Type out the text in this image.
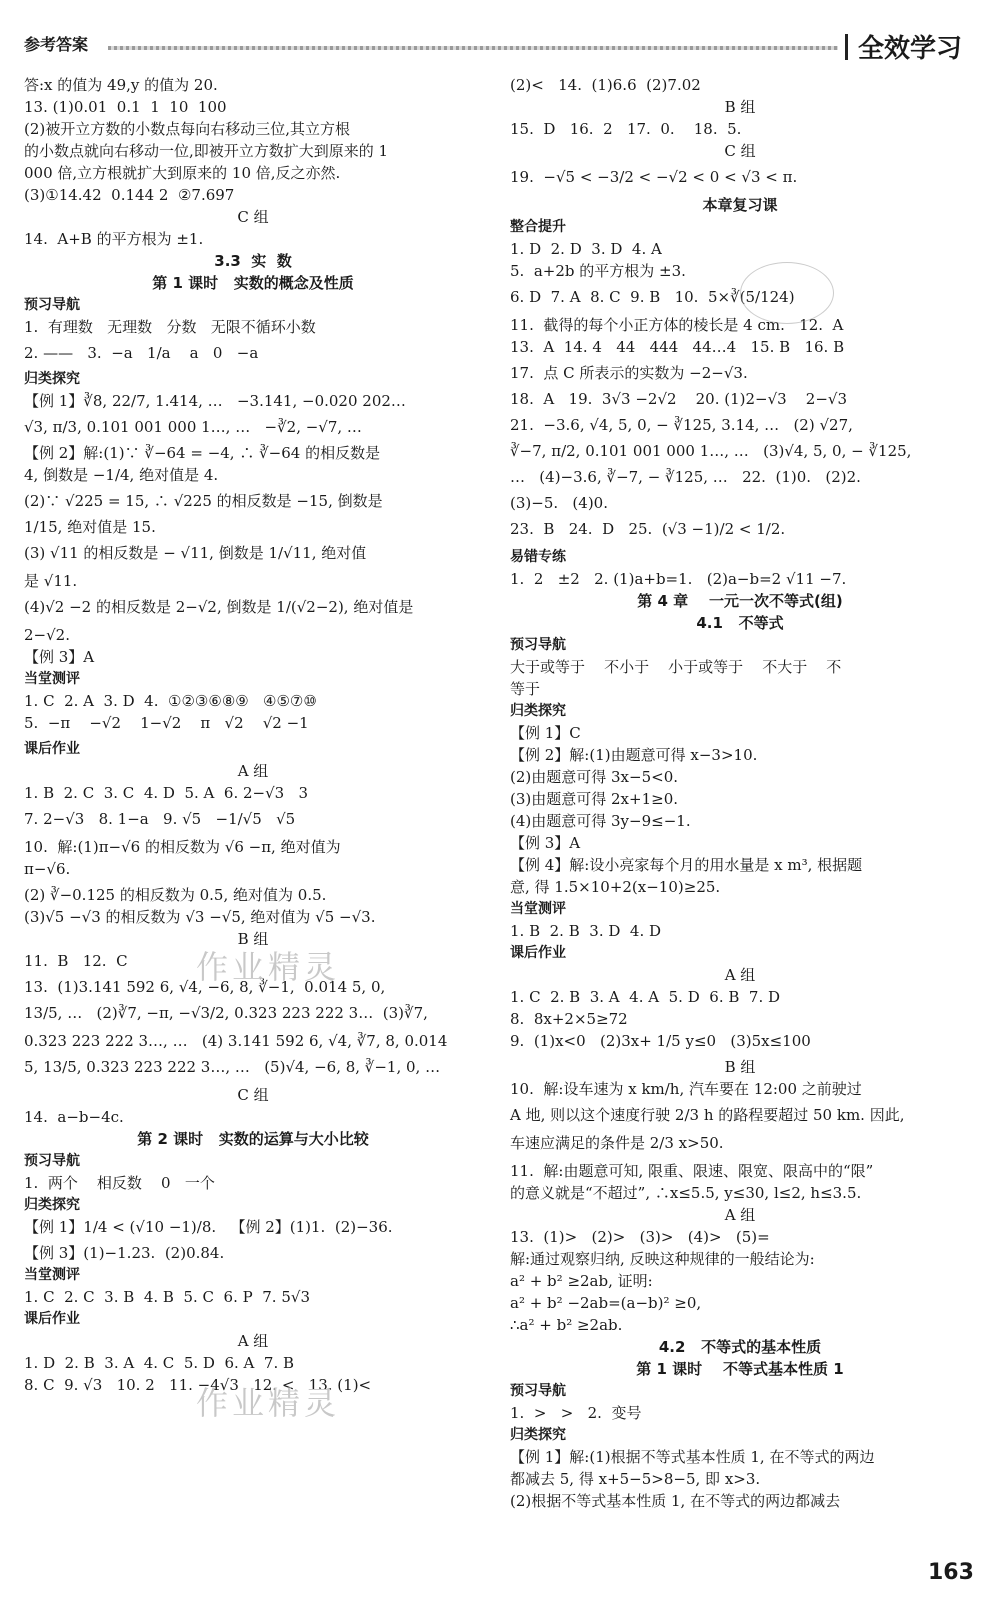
参考答案	全效学习
答:x 的值为 49,y 的值为 20.
13. (1)0.01  0.1  1  10  100
(2)被开立方数的小数点每向右移动三位,其立方根
的小数点就向右移动一位,即被开立方数扩大到原来的 1
000 倍,立方根就扩大到原来的 10 倍,反之亦然.
(3)①14.42  0.144 2  ②7.697
C 组
14.  A+B 的平方根为 ±1.
3.3  实  数
第 1 课时   实数的概念及性质
预习导航
1.  有理数   无理数   分数   无限不循环小数
2. ——   3.  −a   1/a    a   0   −a
归类探究
【例 1】∛8, 22/7, 1.414, …   −3.141, −0.020 202…
√3, π/3, 0.101 001 000 1…, …   −∛2, −√7, …
【例 2】解:(1)∵ ∛−64 = −4, ∴ ∛−64 的相反数是
4, 倒数是 −1/4, 绝对值是 4.
(2)∵ √225 = 15, ∴ √225 的相反数是 −15, 倒数是
1/15, 绝对值是 15.
(3) √11 的相反数是 − √11, 倒数是 1/√11, 绝对值
是 √11.
(4)√2 −2 的相反数是 2−√2, 倒数是 1/(√2−2), 绝对值是
2−√2.
【例 3】A
当堂测评
1. C  2. A  3. D  4.  ①②③⑥⑧⑨   ④⑤⑦⑩
5.  −π    −√2    1−√2    π   √2    √2 −1
课后作业
A 组
1. B  2. C  3. C  4. D  5. A  6. 2−√3   3
7. 2−√3   8. 1−a   9. √5   −1/√5   √5
10.  解:(1)π−√6 的相反数为 √6 −π, 绝对值为
π−√6.
(2) ∛−0.125 的相反数为 0.5, 绝对值为 0.5.
(3)√5 −√3 的相反数为 √3 −√5, 绝对值为 √5 −√3.
B 组
11.  B   12.  C
13.  (1)3.141 592 6, √4, −6, 8, ∛−1,  0.014 5, 0,
13/5, …   (2)∛7, −π, −√3/2, 0.323 223 222 3…  (3)∛7,
0.323 223 222 3…, …   (4) 3.141 592 6, √4, ∛7, 8, 0.014
5, 13/5, 0.323 223 222 3…, …   (5)√4, −6, 8, ∛−1, 0, …
C 组
14.  a−b−4c.
第 2 课时   实数的运算与大小比较
预习导航
1.  两个    相反数    0   一个
归类探究
【例 1】1/4 < (√10 −1)/8.   【例 2】(1)1.  (2)−36.
【例 3】(1)−1.23.  (2)0.84.
当堂测评
1. C  2. C  3. B  4. B  5. C  6. P  7. 5√3
课后作业
A 组
1. D  2. B  3. A  4. C  5. D  6. A  7. B
8. C  9. √3   10. 2   11. −4√3   12. <   13. (1)<
(2)<   14.  (1)6.6  (2)7.02
B 组
15.  D   16.  2   17.  0.    18.  5.
C 组
19.  −√5 < −3/2 < −√2 < 0 < √3 < π.
本章复习课
整合提升
1. D  2. D  3. D  4. A
5.  a+2b 的平方根为 ±3.
6. D  7. A  8. C  9. B   10.  5×∛(5/124)
11.  截得的每个小正方体的棱长是 4 cm.   12.  A
13.  A  14. 4   44   444   44…4   15. B   16. B
17.  点 C 所表示的实数为 −2−√3.
18.  A   19.  3√3 −2√2    20. (1)2−√3    2−√3
21.  −3.6, √4, 5, 0, − ∛125, 3.14, …   (2) √27,
∛−7, π/2, 0.101 001 000 1…, …   (3)√4, 5, 0, − ∛125,
…   (4)−3.6, ∛−7, − ∛125, …   22.  (1)0.   (2)2.
(3)−5.   (4)0.
23.  B   24.  D   25.  (√3 −1)/2 < 1/2.
易错专练
1.  2   ±2   2. (1)a+b=1.   (2)a−b=2 √11 −7.
第 4 章    一元一次不等式(组)
4.1   不等式
预习导航
大于或等于    不小于    小于或等于    不大于    不
等于
归类探究
【例 1】C
【例 2】解:(1)由题意可得 x−3>10.
(2)由题意可得 3x−5<0.
(3)由题意可得 2x+1≥0.
(4)由题意可得 3y−9≤−1.
【例 3】A
【例 4】解:设小亮家每个月的用水量是 x m³, 根据题
意, 得 1.5×10+2(x−10)≥25.
当堂测评
1. B  2. B  3. D  4. D
课后作业
A 组
1. C  2. B  3. A  4. A  5. D  6. B  7. D
8.  8x+2×5≥72
9.  (1)x<0   (2)3x+ 1/5 y≤0   (3)5x≤100
B 组
10.  解:设车速为 x km/h, 汽车要在 12:00 之前驶过
A 地, 则以这个速度行驶 2/3 h 的路程要超过 50 km. 因此,
车速应满足的条件是 2/3 x>50.
11.  解:由题意可知, 限重、限速、限宽、限高中的“限”
的意义就是“不超过”, ∴x≤5.5, y≤30, l≤2, h≤3.5.
A 组
13.  (1)>   (2)>   (3)>   (4)>   (5)=
解:通过观察归纳, 反映这种规律的一般结论为:
a² + b² ≥2ab, 证明:
a² + b² −2ab=(a−b)² ≥0,
∴a² + b² ≥2ab.
4.2   不等式的基本性质
第 1 课时    不等式基本性质 1
预习导航
1.  >   >   2.  变号
归类探究
【例 1】解:(1)根据不等式基本性质 1, 在不等式的两边
都减去 5, 得 x+5−5>8−5, 即 x>3.
(2)根据不等式基本性质 1, 在不等式的两边都减去
作业精灵
作业精灵
163
